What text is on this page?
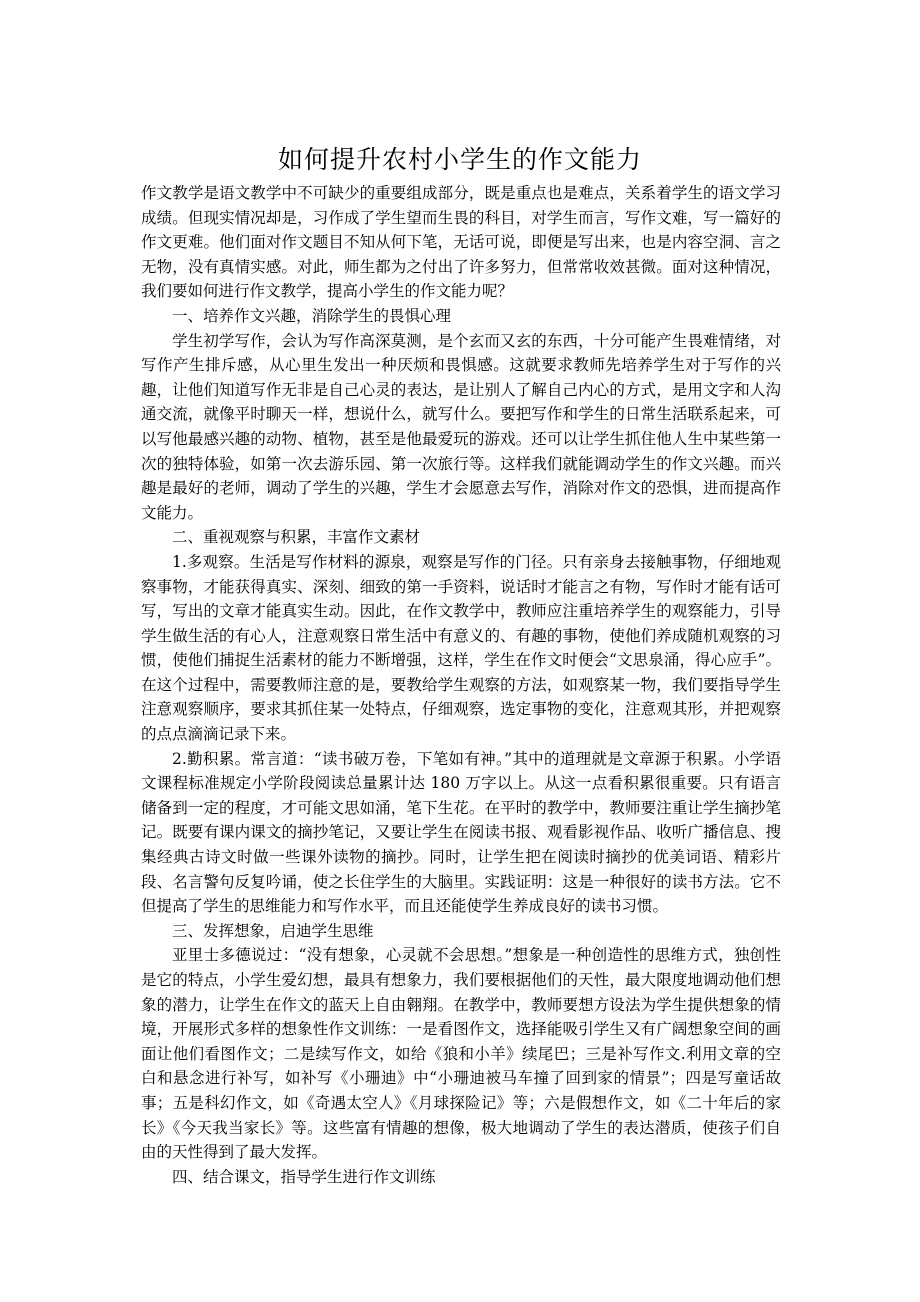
如何提升农村小学生的作文能力

作文教学是语文教学中不可缺少的重要组成部分，既是重点也是难点，关系着学生的语文学习成绩。但现实情况却是，习作成了学生望而生畏的科目，对学生而言，写作文难，写一篇好的作文更难。他们面对作文题目不知从何下笔，无话可说，即便是写出来，也是内容空洞、言之无物，没有真情实感。对此，师生都为之付出了许多努力，但常常收效甚微。面对这种情况，我们要如何进行作文教学，提高小学生的作文能力呢？

一、培养作文兴趣，消除学生的畏惧心理

学生初学写作，会认为写作高深莫测，是个玄而又玄的东西，十分可能产生畏难情绪，对写作产生排斥感，从心里生发出一种厌烦和畏惧感。这就要求教师先培养学生对于写作的兴趣，让他们知道写作无非是自己心灵的表达，是让别人了解自己内心的方式，是用文字和人沟通交流，就像平时聊天一样，想说什么，就写什么。要把写作和学生的日常生活联系起来，可以写他最感兴趣的动物、植物，甚至是他最爱玩的游戏。还可以让学生抓住他人生中某些第一次的独特体验，如第一次去游乐园、第一次旅行等。这样我们就能调动学生的作文兴趣。而兴趣是最好的老师，调动了学生的兴趣，学生才会愿意去写作，消除对作文的恐惧，进而提高作文能力。

二、重视观察与积累，丰富作文素材

1.多观察。生活是写作材料的源泉，观察是写作的门径。只有亲身去接触事物，仔细地观察事物，才能获得真实、深刻、细致的第一手资料，说话时才能言之有物，写作时才能有话可写，写出的文章才能真实生动。因此，在作文教学中，教师应注重培养学生的观察能力，引导学生做生活的有心人，注意观察日常生活中有意义的、有趣的事物，使他们养成随机观察的习惯，使他们捕捉生活素材的能力不断增强，这样，学生在作文时便会“文思泉涌，得心应手”。在这个过程中，需要教师注意的是，要教给学生观察的方法，如观察某一物，我们要指导学生注意观察顺序，要求其抓住某一处特点，仔细观察，选定事物的变化，注意观其形，并把观察的点点滴滴记录下来。

2.勤积累。常言道：“读书破万卷，下笔如有神。”其中的道理就是文章源于积累。小学语文课程标准规定小学阶段阅读总量累计达 180 万字以上。从这一点看积累很重要。只有语言储备到一定的程度，才可能文思如涌，笔下生花。在平时的教学中，教师要注重让学生摘抄笔记。既要有课内课文的摘抄笔记，又要让学生在阅读书报、观看影视作品、收听广播信息、搜集经典古诗文时做一些课外读物的摘抄。同时，让学生把在阅读时摘抄的优美词语、精彩片段、名言警句反复吟诵，使之长住学生的大脑里。实践证明：这是一种很好的读书方法。它不但提高了学生的思维能力和写作水平，而且还能使学生养成良好的读书习惯。

三、发挥想象，启迪学生思维

亚里士多德说过：“没有想象，心灵就不会思想。”想象是一种创造性的思维方式，独创性是它的特点，小学生爱幻想，最具有想象力，我们要根据他们的天性，最大限度地调动他们想象的潜力，让学生在作文的蓝天上自由翱翔。在教学中，教师要想方设法为学生提供想象的情境，开展形式多样的想象性作文训练：一是看图作文，选择能吸引学生又有广阔想象空间的画面让他们看图作文；二是续写作文，如给《狼和小羊》续尾巴；三是补写作文.利用文章的空白和悬念进行补写，如补写《小珊迪》中“小珊迪被马车撞了回到家的情景”；四是写童话故事；五是科幻作文，如《奇遇太空人》《月球探险记》等；六是假想作文，如《二十年后的家长》《今天我当家长》等。这些富有情趣的想像，极大地调动了学生的表达潜质，使孩子们自由的天性得到了最大发挥。

四、结合课文，指导学生进行作文训练
